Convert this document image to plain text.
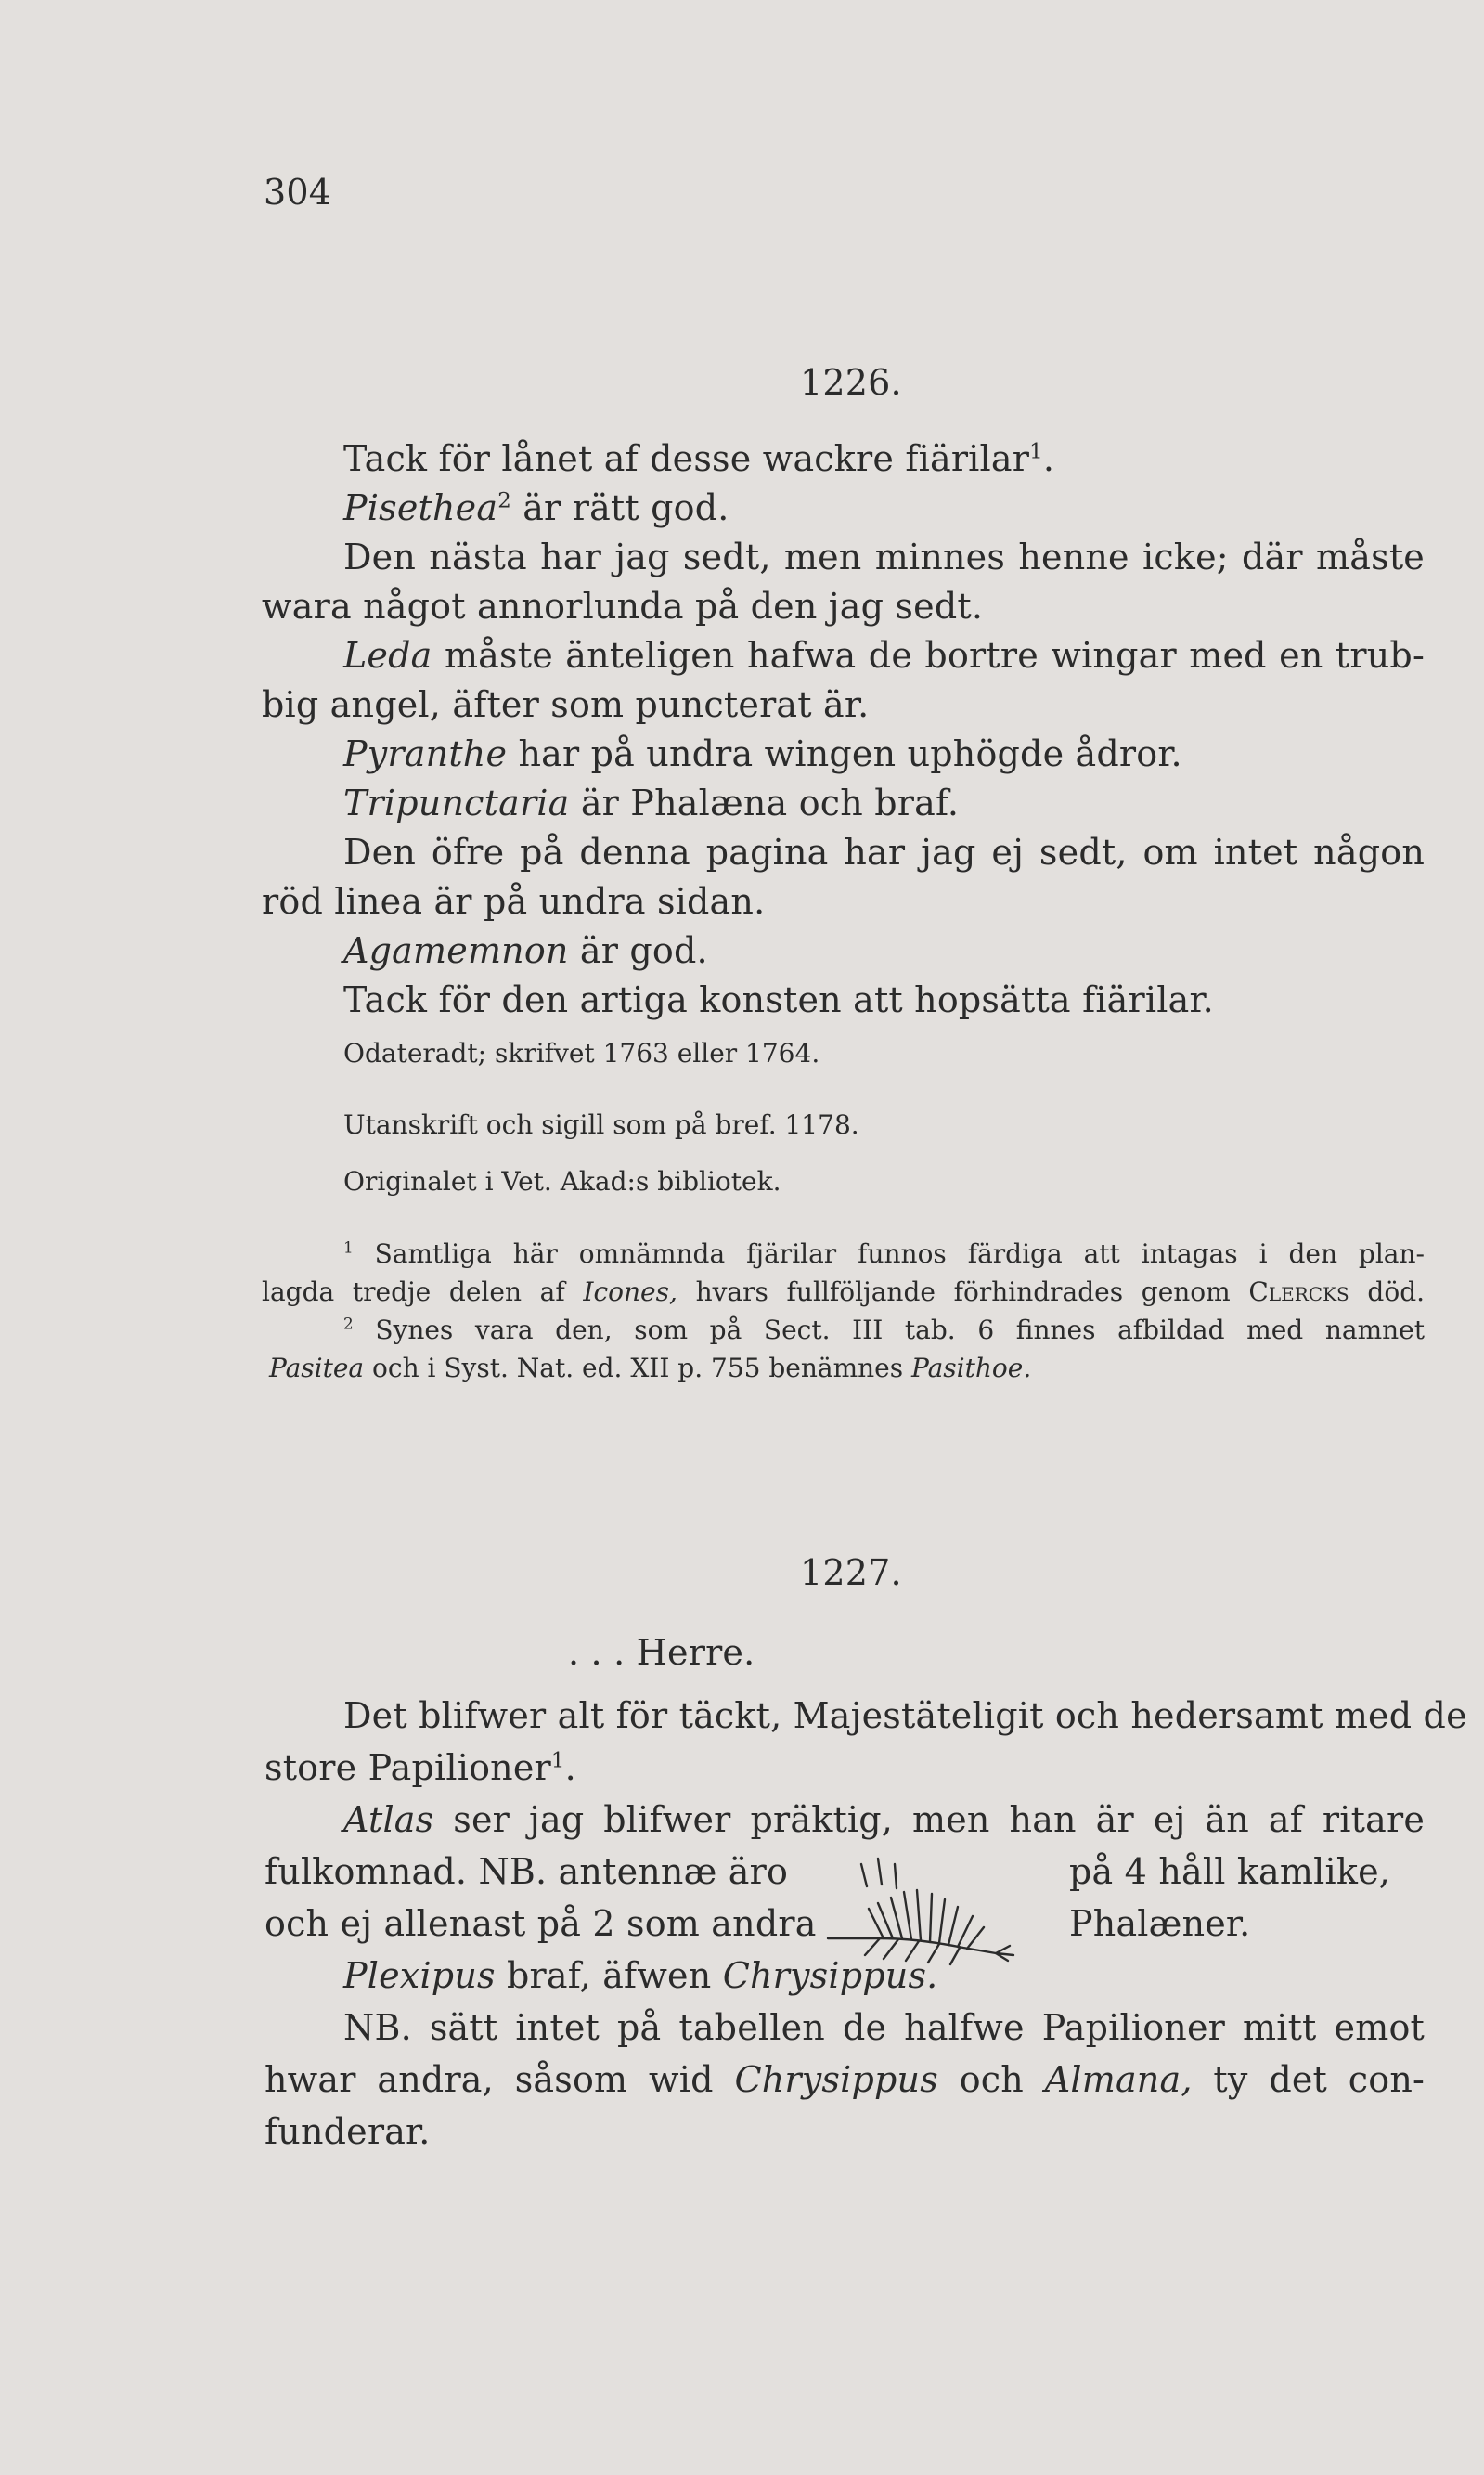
304
1226.
Tack för lånet af desse wackre fiärilar$^1$.
Pisethea$^2$ är rätt god.
Den nästa har jag sedt, men minnes henne icke; där måste
wara något annorlunda på den jag sedt.
Leda måste änteligen hafwa de bortre wingar med en trub-
big angel, äfter som puncterat är.
Pyranthe har på undra wingen uphögde ådror.
Tripunctaria är Phalæna och braf.
Den öfre på denna pagina har jag ej sedt, om intet någon
röd linea är på undra sidan.
Agamemnon är god.
Tack för den artiga konsten att hopsätta fiärilar.
Odateradt; skrifvet 1763 eller 1764.
Utanskrift och sigill som på bref. 1178.
Originalet i Vet. Akad:s bibliotek.
$^1$ Samtliga här omnämnda fjärilar funnos färdiga att intagas i den plan-
lagda tredje delen af Icones, hvars fullföljande förhindrades genom Clercks död.
$^2$ Synes vara den, som på Sect. III tab. 6 finnes afbildad med namnet
Pasitea och i Syst. Nat. ed. XII p. 755 benämnes Pasithoe.
1227.
. . . Herre.
Det blifwer alt för täckt, Majestäteligit och hedersamt med de
store Papilioner$^1$.
Atlas ser jag blifwer präktig, men han är ej än af ritare
fulkomnad. NB. antennæ äro	på 4 håll kamlike,
och ej allenast på 2 som andra	Phalæner.
Plexipus braf, äfwen Chrysippus.
NB. sätt intet på tabellen de halfwe Papilioner mitt emot
hwar andra, såsom wid Chrysippus och Almana, ty det con-
funderar.
